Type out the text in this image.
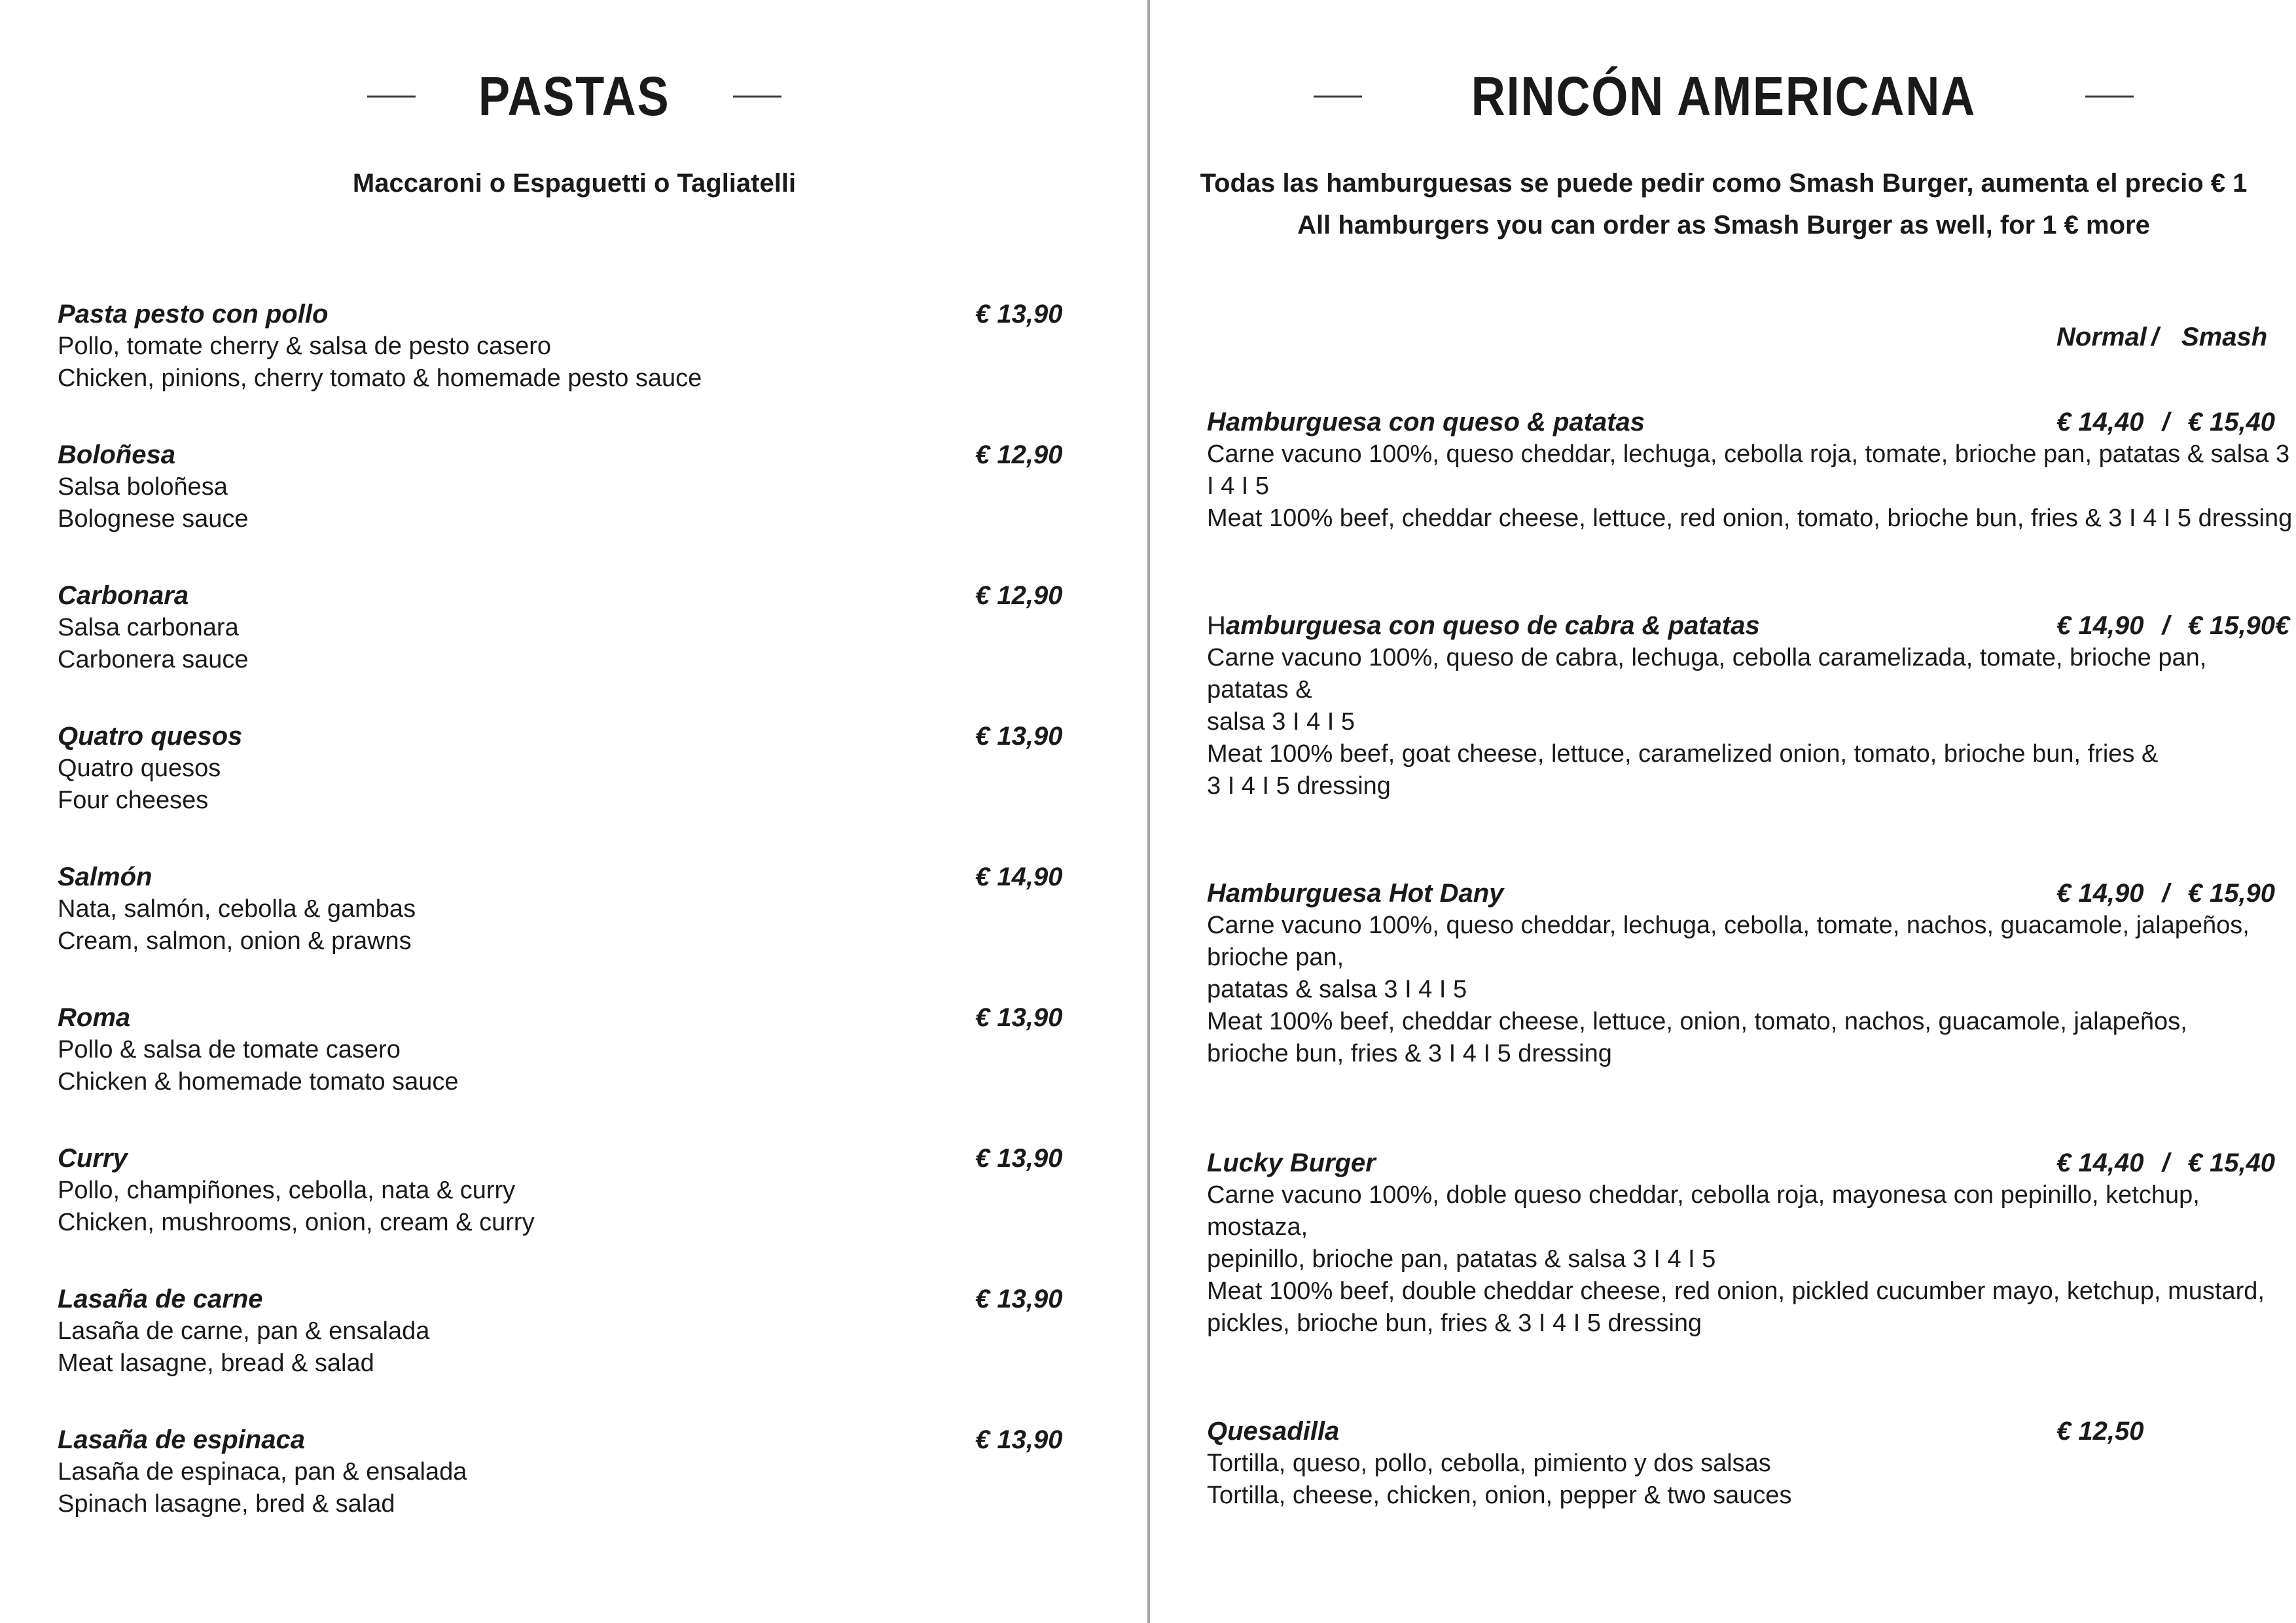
PASTAS
Maccaroni o Espaguetti o Tagliatelli
Pasta pesto con pollo
Pollo, tomate cherry & salsa de pesto casero
Chicken, pinions, cherry tomato & homemade pesto sauce
€ 13,90
Boloñesa
Salsa boloñesa
Bolognese sauce
€ 12,90
Carbonara
Salsa carbonara
Carbonera sauce
€ 12,90
Quatro quesos
Quatro quesos
Four cheeses
€ 13,90
Salmón
Nata, salmón, cebolla & gambas
Cream, salmon, onion & prawns
€ 14,90
Roma
Pollo & salsa de tomate casero
Chicken & homemade tomato sauce
€ 13,90
Curry
Pollo, champiñones, cebolla, nata & curry
Chicken, mushrooms, onion, cream & curry
€ 13,90
Lasaña de carne
Lasaña de carne, pan & ensalada
Meat lasagne, bread & salad
€ 13,90
Lasaña de espinaca
Lasaña de espinaca, pan & ensalada
Spinach lasagne, bred & salad
€ 13,90
RINCÓN AMERICANA
Todas las hamburguesas se puede pedir como Smash Burger, aumenta el precio € 1
All hamburgers you can order as Smash Burger as well, for 1 € more
Normal / Smash
Hamburguesa con queso & patatas
Carne vacuno 100%, queso cheddar, lechuga, cebolla roja, tomate, brioche pan, patatas & salsa 3 I 4 I 5
Meat 100% beef, cheddar cheese, lettuce, red onion, tomato, brioche bun, fries & 3 I 4 I 5 dressing
€ 14,40 / € 15,40
Hamburguesa con queso de cabra & patatas
Carne vacuno 100%, queso de cabra, lechuga, cebolla caramelizada, tomate, brioche pan, patatas &
salsa 3 I 4 I 5
Meat 100% beef, goat cheese, lettuce, caramelized onion, tomato, brioche bun, fries &
3 I 4 I 5 dressing
€ 14,90 / € 15,90€
Hamburguesa Hot Dany
Carne vacuno 100%, queso cheddar, lechuga, cebolla, tomate, nachos, guacamole, jalapeños, brioche pan,
patatas & salsa 3 I 4 I 5
Meat 100% beef, cheddar cheese, lettuce, onion, tomato, nachos, guacamole, jalapeños,
brioche bun, fries & 3 I 4 I 5 dressing
€ 14,90 / € 15,90
Lucky Burger
Carne vacuno 100%, doble queso cheddar, cebolla roja, mayonesa con pepinillo, ketchup, mostaza,
pepinillo, brioche pan, patatas & salsa 3 I 4 I 5
Meat 100% beef, double cheddar cheese, red onion, pickled cucumber mayo, ketchup, mustard,
pickles, brioche bun, fries & 3 I 4 I 5 dressing
€ 14,40 / € 15,40
Quesadilla
Tortilla, queso, pollo, cebolla, pimiento y dos salsas
Tortilla, cheese, chicken, onion, pepper & two sauces
€ 12,50
